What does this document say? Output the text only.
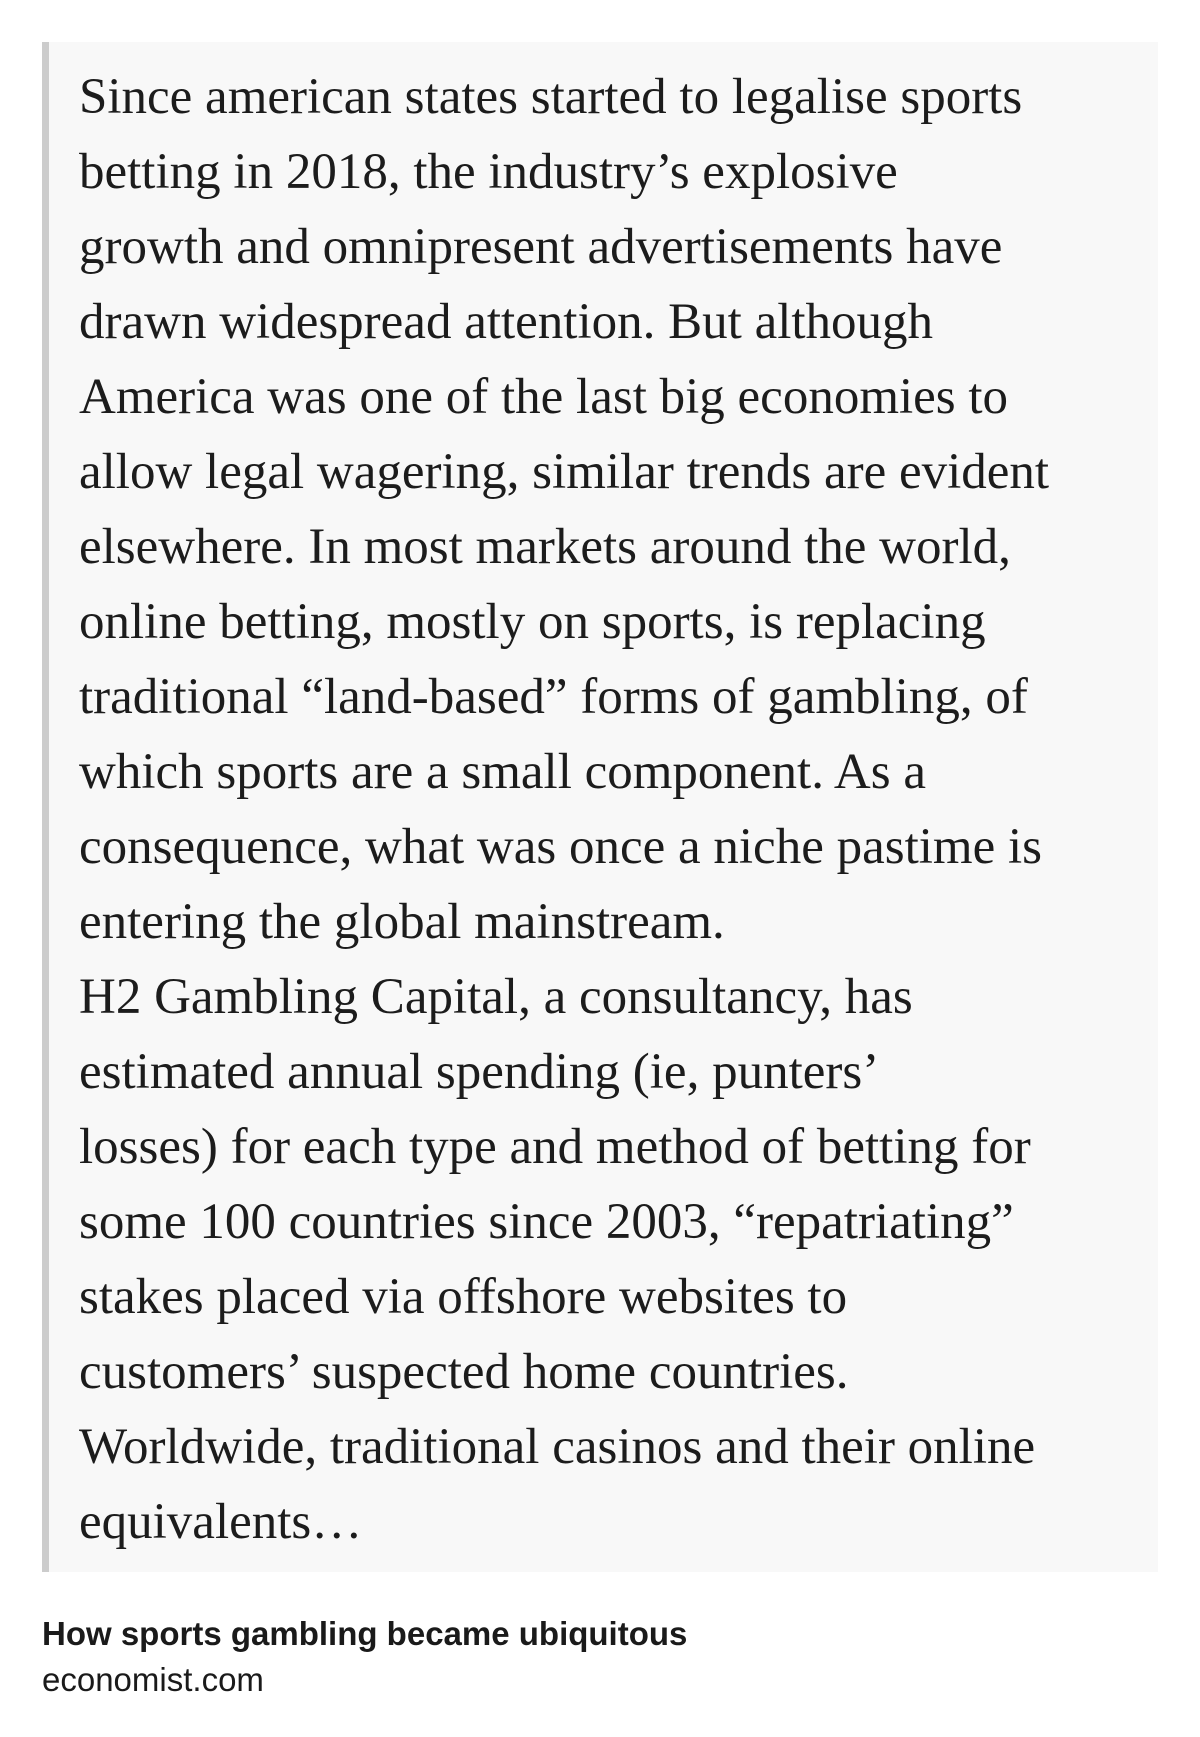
Since american states started to legalise sports
betting in 2018, the industry’s explosive
growth and omnipresent advertisements have
drawn widespread attention. But although
America was one of the last big economies to
allow legal wagering, similar trends are evident
elsewhere. In most markets around the world,
online betting, mostly on sports, is replacing
traditional “land-based” forms of gambling, of
which sports are a small component. As a
consequence, what was once a niche pastime is
entering the global mainstream.

H2 Gambling Capital, a consultancy, has
estimated annual spending (ie, punters’
losses) for each type and method of betting for
some 100 countries since 2003, “repatriating”
stakes placed via offshore websites to
customers’ suspected home countries.
Worldwide, traditional casinos and their online
equivalents…

How sports gambling became ubiquitous
economist.com
